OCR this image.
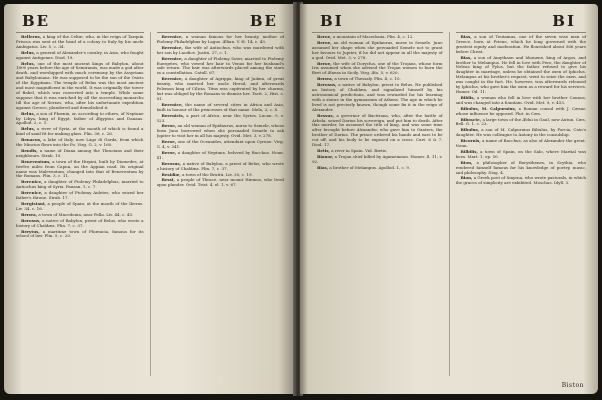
BE	BE

Bellerus, a king of the Celtæ, who, in the reign of Tarquin Priscus was sent at the head of a colony to Italy by his uncle Ambigatus. Liv. 5, c. 34.

Belus, a general of Alexander's cavalry, in Asia, who fought against Antigonus. Diod. 19.

Belus, one of the most ancient kings of Babylon, about 1800 years before the age of Semiramis, was made a god after death, and worshipped with much ceremony by the Assyrians and Babylonians. He was supposed to be the son of the Osiris of the Egyptians. The temple of Belus was the most ancient and most magnificent in the world. It was originally the tower of Babel, which was converted into a temple. While some suppose that it was enriched by all the succeeding monarchs till the age of Xerxes, who, after his unfortunate expedition against Greece, plundered and demolished it.

Belus, a son of Phœnix, or, according to others, of Neptune by Libya, king of Egypt, father of Ægyptus and Danaus. Apollod. 2, c. 1.

Belus, a river of Syria, at the mouth of which is found a kind of sand fit for making glass. Plin. 36, c. 26.

Benacus, a lake of Italy, now Lago di Garda, from which the Mincius flows into the Po. Virg. G. 2, v. 160.

Bendis, a name of Diana among the Thracians and their neighbours. Strab. 10.

Beneventum, a town of the Hirpini, built by Diomedes, at twelve miles from Capua, on the Appian road. Its original name was Maleventum, changed into that of Beneventum by the Romans. Plin. 3, c. 11.

Berenice, a daughter of Ptolemy Philadelphus, married to Antiochus king of Syria. Pausan. 1, c. 7.

Berenice, a daughter of Ptolemy Auletes, who seized her father's throne. Strab. 17.

Bergistani, a people of Spain, at the mouth of the Iberus. Liv. 34, c. 16.

Berœa, a town of Macedonia, near Pella. Liv. 44, c. 45.

Berosus, a native of Babylon, priest of Belus, who wrote a history of Chaldæa. Plin. 7, c. 37.

Berytus, a maritime town of Phœnicia, famous for its school of law. Plin. 5, c. 20.

Berenice, a woman famous for her beauty, mother of Ptolemy Philadelphus by Lagus. Ælian. V. H. 14, c. 43.

Berenice, the wife of Antiochus, who was murdered with her son by Laodice. Justin. 27, c. 1.

Berenice, a daughter of Ptolemy Soter, married to Ptolemy Euergetes, who vowed her hair to Venus for her husband's safe return. The hair was afterwards placed among the stars as a constellation. Catull. 67.

Berenice, a daughter of Agrippa, king of Judæa, of great beauty, who married her uncle Herod, and afterwards Polemon king of Cilicia. Titus was captivated by her charms, but was obliged by the Romans to dismiss her. Tacit. 2, Hist. c. 81.

Berenice, the name of several cities in Africa and Asia, built in honour of the princesses of that name. Mela, 3, c. 8.

Berenicis, a part of Africa, near the Syrtes. Lucan. 9, v. 523.

Beroe, an old woman of Epidaurus, nurse to Semele, whose form Juno borrowed when she persuaded Semele to ask Jupiter to visit her in all his majesty. Ovid. Met. 3, v. 278.

Beroe, one of the Oceanides, attendant upon Cyrene. Virg. G. 4, v. 341.

Beroe, a daughter of Neptune, beloved by Bacchus. Nonn. 41.

Berosus, a native of Babylon, a priest of Belus, who wrote a history of Chaldæa. Plin. 7, c. 37.

Besidiæ, a town of the Bruttii. Liv. 30, c. 19.

Bessi, a people of Thrace, near mount Hæmus, who lived upon plunder. Ovid. Trist. 4, el. 1, v. 67.

BI	BI

Beroe, a mountain of Macedonia. Plin. 4, c. 12.

Beroe, an old woman of Epidaurus, nurse to Semele. Juno assumed her shape when she persuaded Semele not to grant her favours to Jupiter, if he did not appear in all the majesty of a god. Ovid. Met. 3, v. 278.

Beroe, the wife of Doryclus, one of the Trojans, whose form Iris assumed when she advised the Trojan women to burn the fleet of Æneas in Sicily. Virg. Æn. 5, v. 620.

Berœa, a town of Thessaly. Plin. 4, c. 10.

Berosus, a native of Babylon, priest to Belus. He published an history of Chaldæa, and signalized himself by his astronomical predictions, and was rewarded for his learning with a statue in the gymnasium of Athens. The age in which he lived is not precisely known, though some fix it in the reign of Alexander.

Bessus, a governor of Bactriana, who, after the battle of Arbela, seized Darius his sovereign, and put him to death. After this murder, he assumed the title of king, and was some time after brought before Alexander, who gave him to Oxatres, the brother of Darius. The prince ordered his hands and ears to be cut off, and his body to be exposed on a cross. Curt. 6 & 7. Diod. 17.

Betis, a river in Spain. Vid. Bætis.

Bianor, a Trojan chief killed by Agamemnon. Homer. Il. 11, v. 92.

Bias, a brother of Melampus. Apollod. 1, c. 9.

Bias, a son of Teutamus, one of the seven wise men of Greece, born at Priene, which he long governed with the greatest equity and moderation. He flourished about 566 years before Christ.

Bias, a son of Amythaon and Idomene, king of Argos, and brother to Melampus. He fell in love with Pero, the daughter of Neleus king of Pylos, but the father refused to give his daughter in marriage, unless he obtained the oxen of Iphiclus. Melampus at his brother's request, went to seize the oxen, and was caught in the fact. He, however, was afterwards released by Iphiclus, who gave him the oxen as a reward for his services. Homer. Od. 11.

Biblis, a woman who fell in love with her brother Caunus, and was changed into a fountain. Ovid. Met. 9, v. 453.

Bibulus, M. Calpurnius, a Roman consul with J. Cæsar, whose influence he opposed. Plut. in Cæs.

Bibracte, a large town of the Ædui in Gaul, now Autun. Cæs. Bell. G. 1, c. 23.

Bibulus, a son of M. Calpurnius Bibulus, by Porcia, Cato's daughter. He was colleague to Antony in the consulship.

Bicornis, a name of Bacchus, as also of Alexander the great. Nonn.

Bilbilis, a town of Spain, on the Salo, where Martial was born. Mart. 1, ep. 50.

Bion, a philosopher of Borysthenes, in Scythia, who rendered himself famous for his knowledge of poetry, music, and philosophy. Diog. 4.

Bion, a Greek poet of Smyrna, who wrote pastorals, in which the graces of simplicity are exhibited. Moschus. Idyll. 3.

Biston
